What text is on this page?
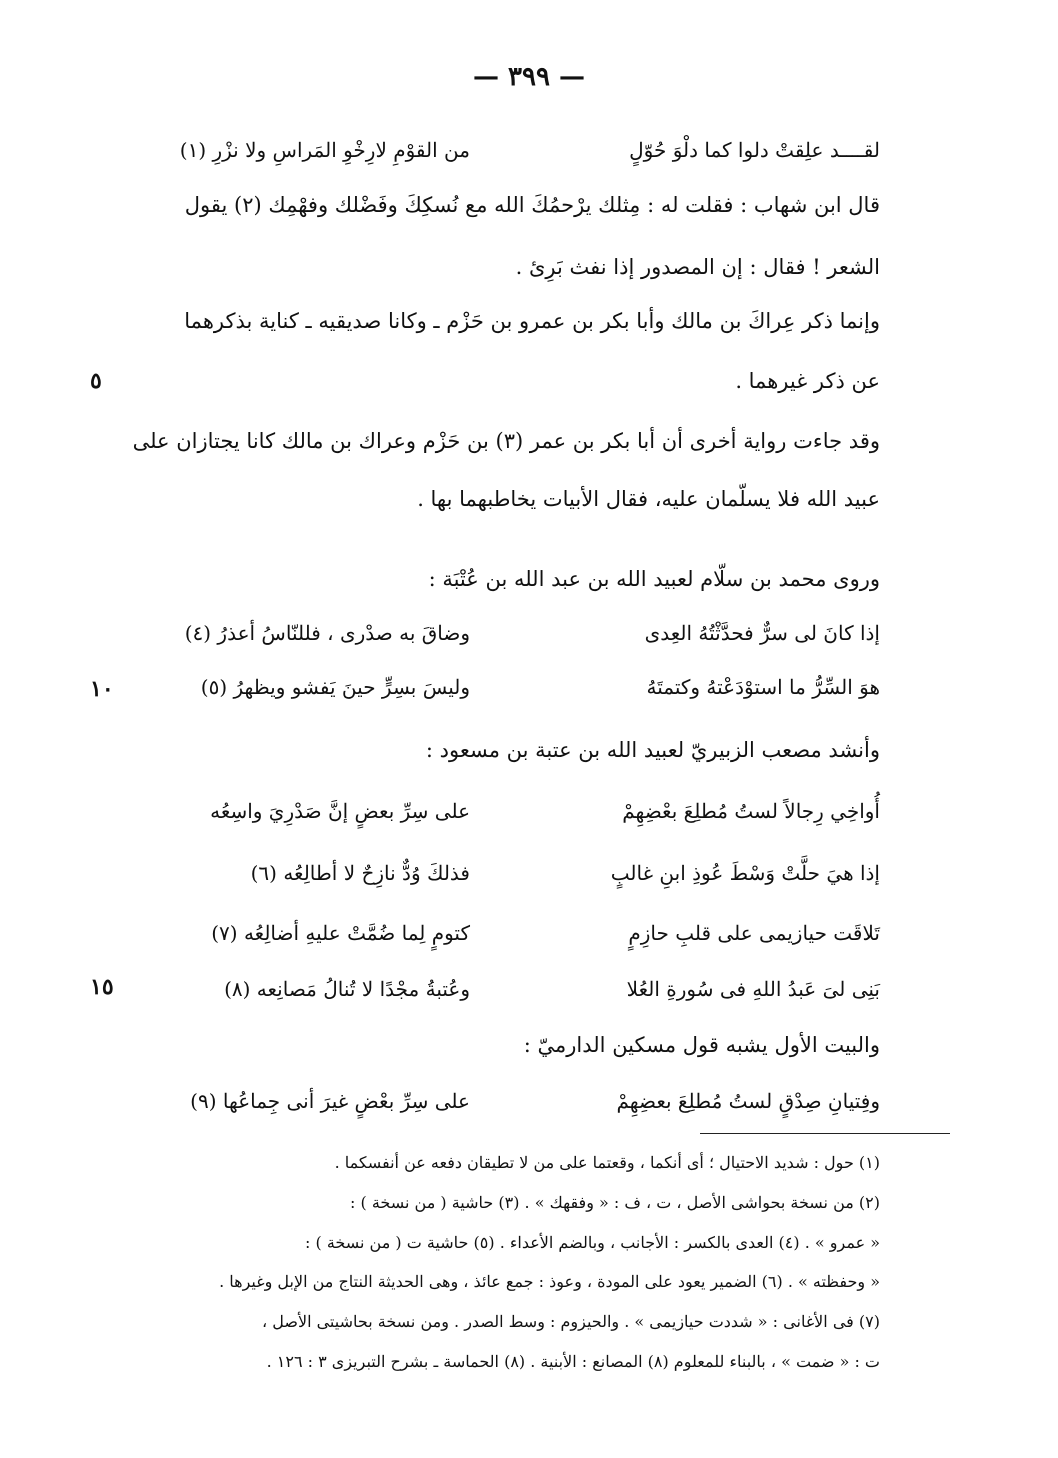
— ٣٩٩ —
لقــــد علِقتْ دلوا كما دلْوَ حُوّلٍ
من القوْمِ لارِخْوِ المَراسِ ولا نزْرِ (١)
قال ابن شهاب : فقلت له : مِثلك يرْحمُكَ الله مع نُسكِكَ وفَضْلك وفهْمِك (٢) يقول
الشعر ! فقال : إن المصدور إذا نفث بَرِئ .
وإنما ذكر عِراكَ بن مالك وأبا بكر بن عمرو بن حَزْم ـ وكانا صديقيه ـ كناية بذكرهما
عن ذكر غيرهما .
٥
وقد جاءت رواية أخرى أن أبا بكر بن عمر (٣) بن حَزْم وعراك بن مالك كانا يجتازان على
عبيد الله فلا يسلّمان عليه، فقال الأبيات يخاطبهما بها .
وروى محمد بن سلّام لعبيد الله بن عبد الله بن عُتْبَة :
إذا كانَ لى سرٌّ فحدَّثْتُهُ العِدى
وضاقَ به صدْرى ، فللنّاسُ أعذرُ (٤)
هوَ السِّرُّ ما استوْدَعْتهُ وكتمتَهُ
وليسَ بسِرٍّ حينَ يَفشو ويظهرُ (٥)
١٠
وأنشد مصعب الزبيريّ لعبيد الله بن عتبة بن مسعود :
أُواخِي رِجالاً لستُ مُطلِعَ بعْضِهِمْ
على سِرِّ بعضٍ إنَّ صَدْرِيَ واسِعُه
إذا هيَ حلَّتْ وَسْطَ عُوذِ ابنِ غالبٍ
فذلكَ وُدٌّ نازِحٌ لا أطالِعُه (٦)
تَلاقَت حيازيمى على قلبِ حازِمٍ
كتومٍ لِما ضُمَّتْ عليهِ أضالِعُه (٧)
بَنِى لىَ عَبدُ اللهِ فى سُورةِ العُلا
وعُتبةُ مجْدًا لا تُنالُ مَصانِعه (٨)
١٥
والبيت الأول يشبه قول مسكين الدارميّ :
وفِتيانِ صِدْقٍ لستُ مُطلِعَ بعضِهِمْ
على سِرِّ بعْضٍ غيرَ أنى جِماعُها (٩)
(١) حول : شديد الاحتيال ؛ أى أنكما ، وقعتما على من لا تطيقان دفعه عن أنفسكما .
(٢) من نسخة بحواشى الأصل ، ت ، ف : « وفقهك » . (٣) حاشية ( من نسخة ) :
« عمرو » . (٤) العدى بالكسر : الأجانب ، وبالضم الأعداء . (٥) حاشية ت ( من نسخة ) :
« وحفظته » . (٦) الضمير يعود على المودة ، وعوذ : جمع عائذ ، وهى الحديثة النتاج من الإبل وغيرها .
(٧) فى الأغانى : « شددت حيازيمى » . والحيزوم : وسط الصدر . ومن نسخة بحاشيتى الأصل ،
ت : « ضمت » ، بالبناء للمعلوم (٨) المصانع : الأبنية . (٨) الحماسة ـ بشرح التبريزى ٣ : ١٢٦ .
